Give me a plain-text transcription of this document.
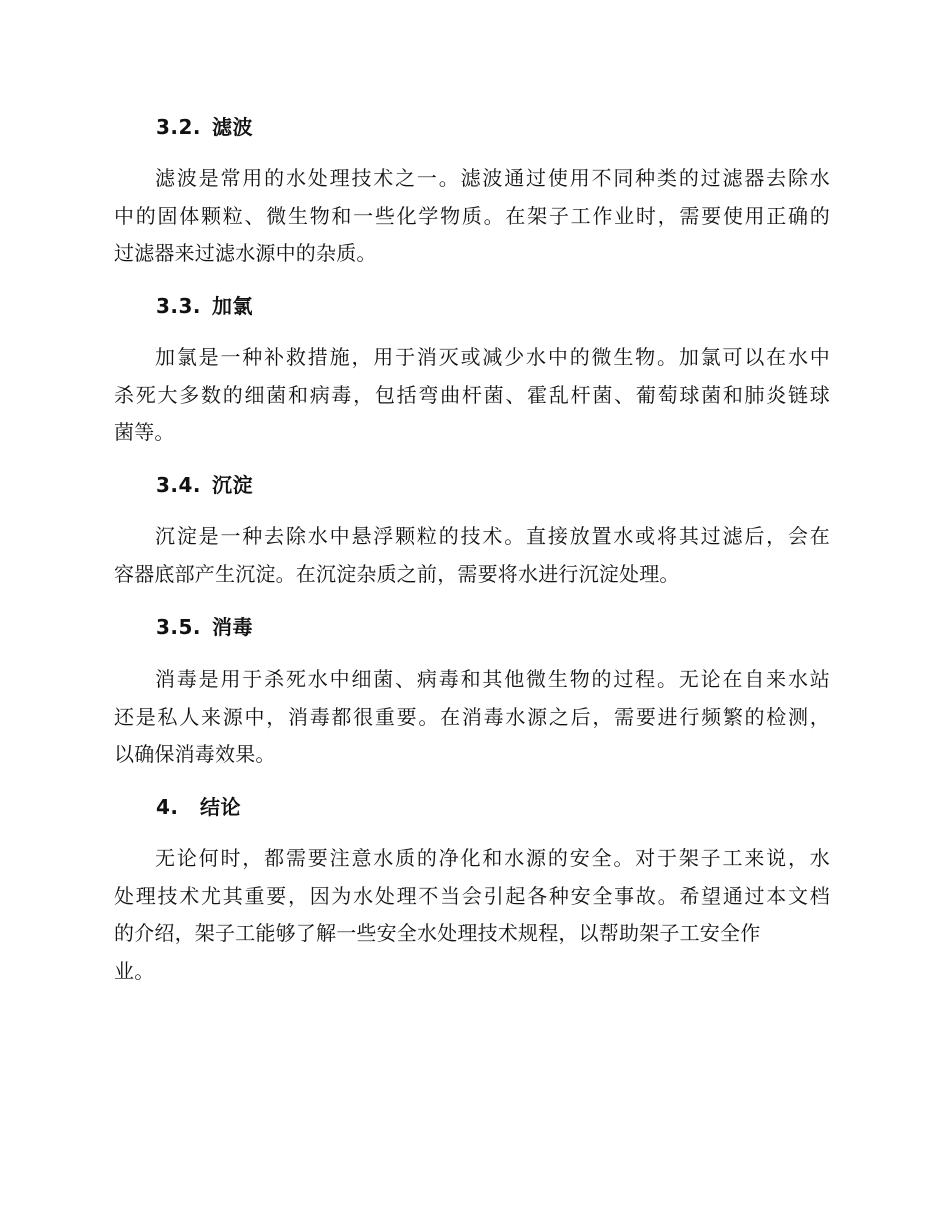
3.2. 滤波
滤波是常用的水处理技术之一。滤波通过使用不同种类的过滤器去除水
中的固体颗粒、微生物和一些化学物质。在架子工作业时，需要使用正确的
过滤器来过滤水源中的杂质。
3.3. 加氯
加氯是一种补救措施，用于消灭或减少水中的微生物。加氯可以在水中
杀死大多数的细菌和病毒，包括弯曲杆菌、霍乱杆菌、葡萄球菌和肺炎链球
菌等。
3.4. 沉淀
沉淀是一种去除水中悬浮颗粒的技术。直接放置水或将其过滤后，会在
容器底部产生沉淀。在沉淀杂质之前，需要将水进行沉淀处理。
3.5. 消毒
消毒是用于杀死水中细菌、病毒和其他微生物的过程。无论在自来水站
还是私人来源中，消毒都很重要。在消毒水源之后，需要进行频繁的检测，
以确保消毒效果。
4. 结论
无论何时，都需要注意水质的净化和水源的安全。对于架子工来说，水
处理技术尤其重要，因为水处理不当会引起各种安全事故。希望通过本文档
的介绍，架子工能够了解一些安全水处理技术规程，以帮助架子工安全作
业。
